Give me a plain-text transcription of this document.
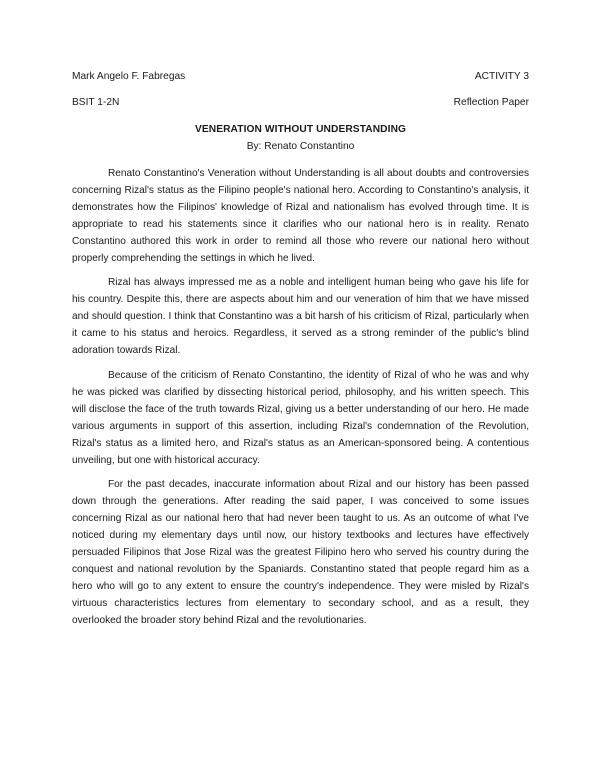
Mark Angelo F. Fabregas	ACTIVITY 3
BSIT 1-2N	Reflection Paper
VENERATION WITHOUT UNDERSTANDING
By: Renato Constantino

Renato Constantino's Veneration without Understanding is all about doubts and controversies concerning Rizal's status as the Filipino people's national hero. According to Constantino's analysis, it demonstrates how the Filipinos' knowledge of Rizal and nationalism has evolved through time. It is appropriate to read his statements since it clarifies who our national hero is in reality. Renato Constantino authored this work in order to remind all those who revere our national hero without properly comprehending the settings in which he lived.

Rizal has always impressed me as a noble and intelligent human being who gave his life for his country. Despite this, there are aspects about him and our veneration of him that we have missed and should question. I think that Constantino was a bit harsh of his criticism of Rizal, particularly when it came to his status and heroics. Regardless, it served as a strong reminder of the public's blind adoration towards Rizal.

Because of the criticism of Renato Constantino, the identity of Rizal of who he was and why he was picked was clarified by dissecting historical period, philosophy, and his written speech. This will disclose the face of the truth towards Rizal, giving us a better understanding of our hero. He made various arguments in support of this assertion, including Rizal's condemnation of the Revolution, Rizal's status as a limited hero, and Rizal's status as an American-sponsored being. A contentious unveiling, but one with historical accuracy.

For the past decades, inaccurate information about Rizal and our history has been passed down through the generations. After reading the said paper, I was conceived to some issues concerning Rizal as our national hero that had never been taught to us. As an outcome of what I've noticed during my elementary days until now, our history textbooks and lectures have effectively persuaded Filipinos that Jose Rizal was the greatest Filipino hero who served his country during the conquest and national revolution by the Spaniards. Constantino stated that people regard him as a hero who will go to any extent to ensure the country's independence. They were misled by Rizal's virtuous characteristics lectures from elementary to secondary school, and as a result, they overlooked the broader story behind Rizal and the revolutionaries.
